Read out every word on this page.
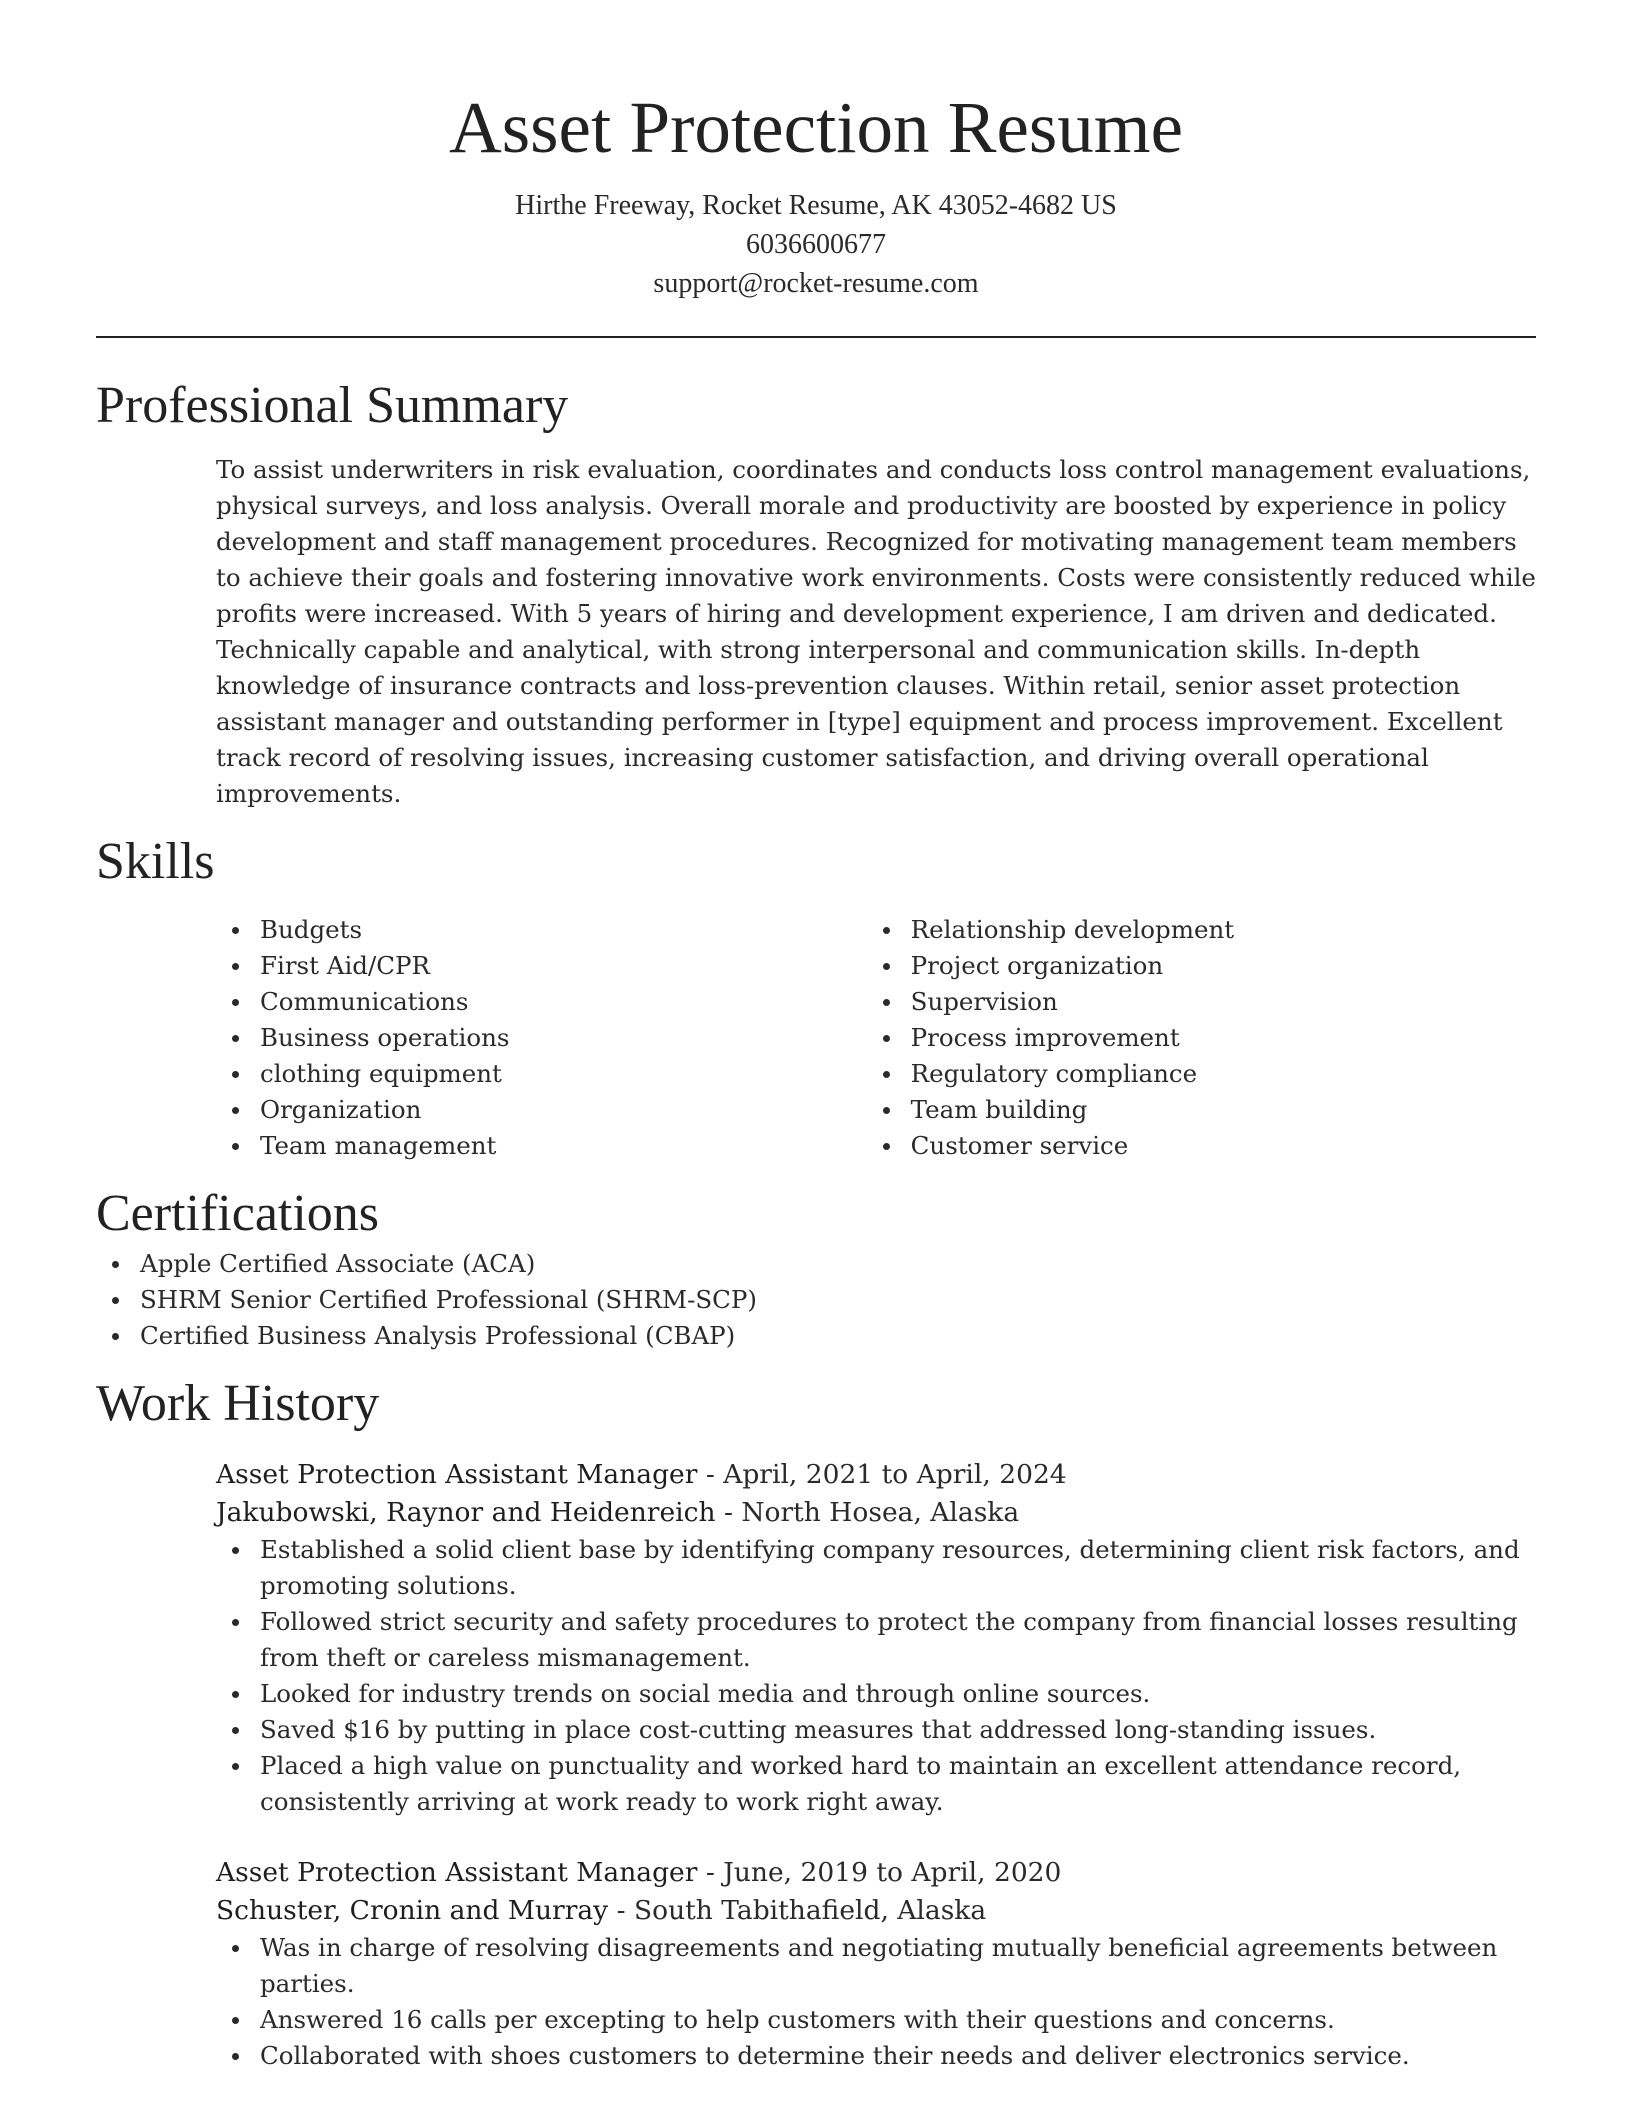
Asset Protection Resume
Hirthe Freeway, Rocket Resume, AK 43052-4682 US
6036600677
support@rocket-resume.com
Professional Summary
To assist underwriters in risk evaluation, coordinates and conducts loss control management evaluations, physical surveys, and loss analysis. Overall morale and productivity are boosted by experience in policy development and staff management procedures. Recognized for motivating management team members to achieve their goals and fostering innovative work environments. Costs were consistently reduced while profits were increased. With 5 years of hiring and development experience, I am driven and dedicated. Technically capable and analytical, with strong interpersonal and communication skills. In-depth knowledge of insurance contracts and loss-prevention clauses. Within retail, senior asset protection assistant manager and outstanding performer in [type] equipment and process improvement. Excellent track record of resolving issues, increasing customer satisfaction, and driving overall operational improvements.
Skills
Budgets
First Aid/CPR
Communications
Business operations
clothing equipment
Organization
Team management
Relationship development
Project organization
Supervision
Process improvement
Regulatory compliance
Team building
Customer service
Certifications
Apple Certified Associate (ACA)
SHRM Senior Certified Professional (SHRM-SCP)
Certified Business Analysis Professional (CBAP)
Work History
Asset Protection Assistant Manager - April, 2021 to April, 2024
Jakubowski, Raynor and Heidenreich - North Hosea, Alaska
Established a solid client base by identifying company resources, determining client risk factors, and promoting solutions.
Followed strict security and safety procedures to protect the company from financial losses resulting from theft or careless mismanagement.
Looked for industry trends on social media and through online sources.
Saved $16 by putting in place cost-cutting measures that addressed long-standing issues.
Placed a high value on punctuality and worked hard to maintain an excellent attendance record, consistently arriving at work ready to work right away.
Asset Protection Assistant Manager - June, 2019 to April, 2020
Schuster, Cronin and Murray - South Tabithafield, Alaska
Was in charge of resolving disagreements and negotiating mutually beneficial agreements between parties.
Answered 16 calls per excepting to help customers with their questions and concerns.
Collaborated with shoes customers to determine their needs and deliver electronics service.
